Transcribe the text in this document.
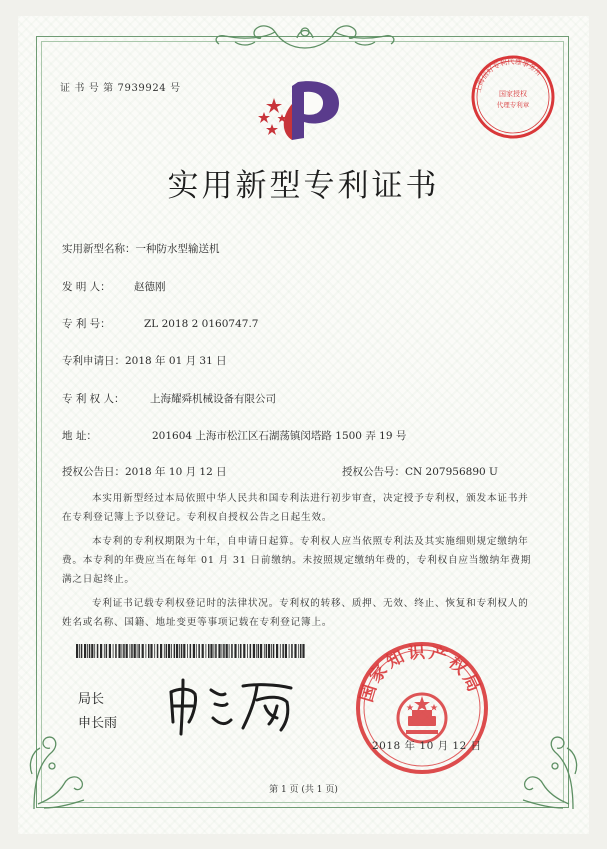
证 书 号 第 7939924 号	上海信好专利代理事务所
国家授权
代理专利章
实用新型专利证书
实用新型名称：一种防水型输送机
发 明 人： 赵德刚
专 利 号：	ZL 2018 2 0160747.7
专利申请日：2018 年 01 月 31 日
专 利 权 人： 上海耀舜机械设备有限公司
地 址：	201604 上海市松江区石湖荡镇闵塔路 1500 弄 19 号
授权公告日：2018 年 10 月 12 日	授权公告号：CN 207956890 U

本实用新型经过本局依照中华人民共和国专利法进行初步审查，决定授予专利权，颁发本证书并在专利登记簿上予以登记。专利权自授权公告之日起生效。

本专利的专利权期限为十年，自申请日起算。专利权人应当依照专利法及其实施细则规定缴纳年费。本专利的年费应当在每年 01 月 31 日前缴纳。未按照规定缴纳年费的，专利权自应当缴纳年费期满之日起终止。

专利证书记载专利权登记时的法律状况。专利权的转移、质押、无效、终止、恢复和专利权人的姓名或名称、国籍、地址变更等事项记载在专利登记簿上。

局长
申长雨
国家知识产权局
2018 年 10 月 12 日
第 1 页 (共 1 页)
